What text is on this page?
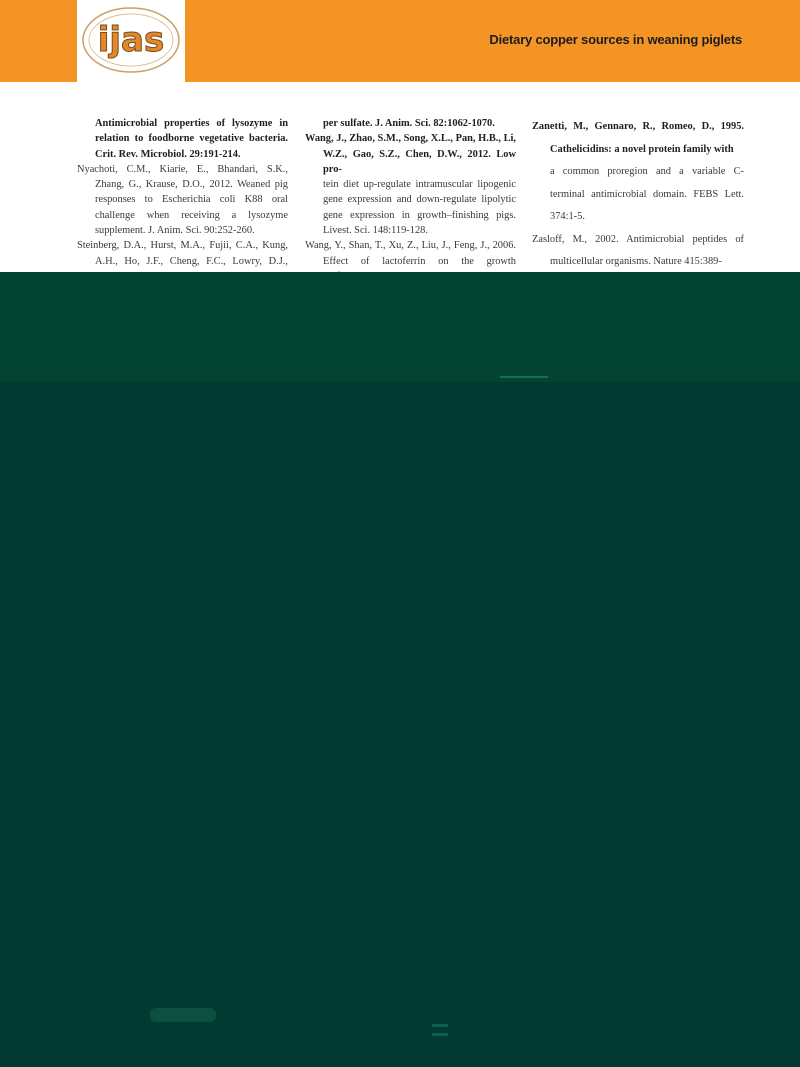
ijas	Dietary copper sources in weaning piglets

Antimicrobial properties of lysozyme in relation to foodborne vegetative bacteria. Crit. Rev. Microbiol. 29:191-214.

Nyachoti, C.M., Kiarie, E., Bhandari, S.K., Zhang, G., Krause, D.O., 2012. Weaned pig responses to Escherichia coli K88 oral challenge when receiving a lysozyme supplement. J. Anim. Sci. 90:252-260.

Steinberg, D.A., Hurst, M.A., Fujii, C.A., Kung, A.H., Ho, J.F., Cheng, F.C., Lowry, D.J.,

per sulfate. J. Anim. Sci. 82:1062-1070.

Wang, J., Zhao, S.M., Song, X.L., Pan, H.B., Li, W.Z., Gao, S.Z., Chen, D.W., 2012. Low pro-

tein diet up-regulate intramuscular lipogenic gene expression and down-regulate lipolytic gene expression in growth–finishing pigs. Livest. Sci. 148:119-128.

Wang, Y., Shan, T., Xu, Z., Liu, J., Feng, J., 2006. Effect of lactoferrin on the growth

Zanetti, M., Gennaro, R., Romeo, D., 1995. Cathelicidins: a novel protein family with

a common proregion and a variable C-terminal antimicrobial domain. FEBS Lett. 374:1-5.

Zasloff, M., 2002. Antimicrobial peptides of multicellular organisms. Nature 415:389-
